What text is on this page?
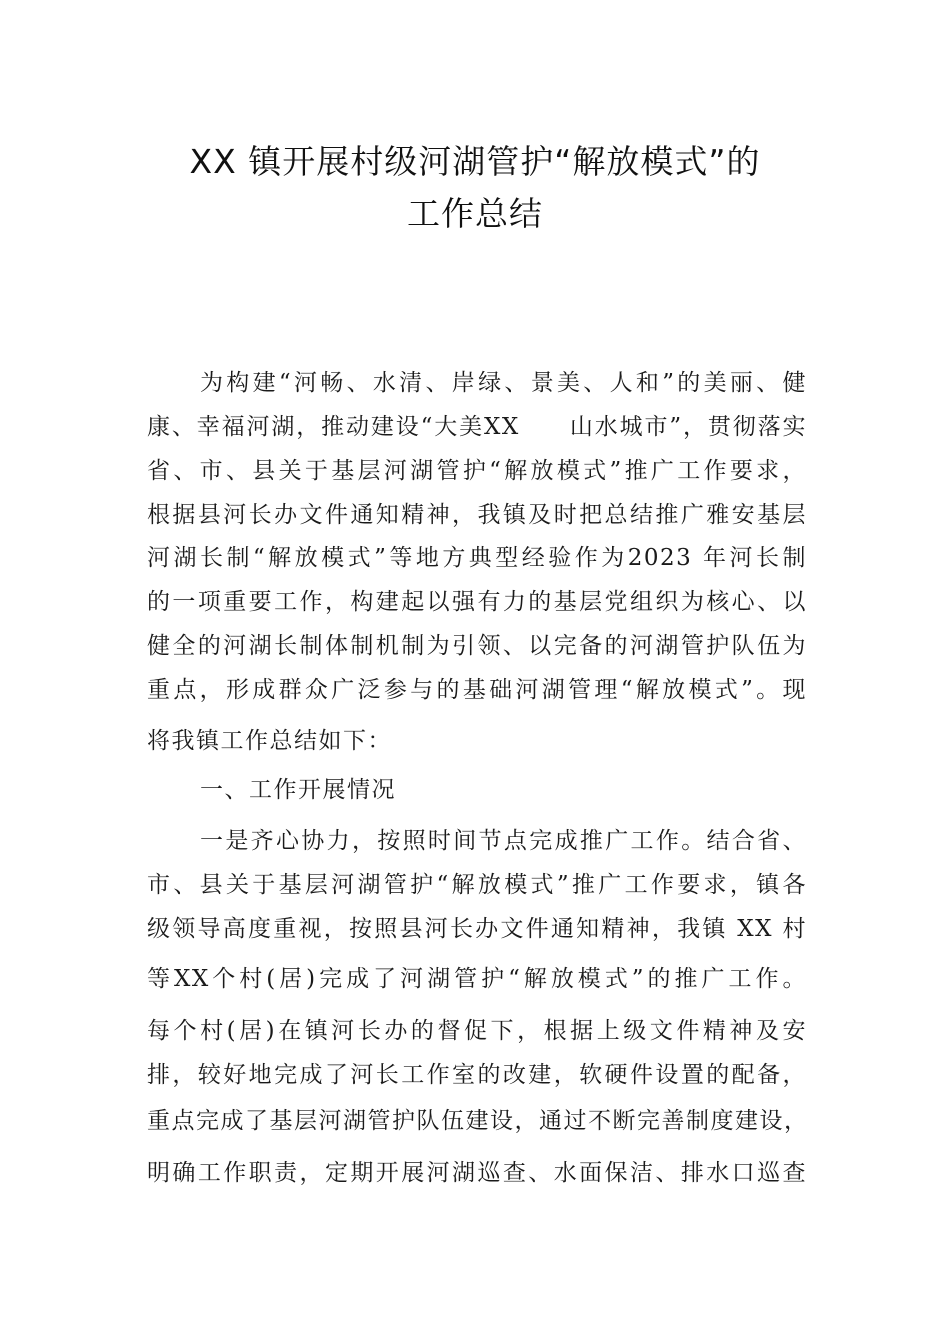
XX 镇开展村级河湖管护“解放模式”的
工作总结
为构建“河畅、水清、岸绿、景美、人和”的美丽、健
康、幸福河湖，推动建设“大美XX　　山水城市”，贯彻落实
省、市、县关于基层河湖管护“解放模式”推广工作要求，
根据县河长办文件通知精神，我镇及时把总结推广雅安基层
河湖长制“解放模式”等地方典型经验作为2023 年河长制
的一项重要工作，构建起以强有力的基层党组织为核心、以
健全的河湖长制体制机制为引领、以完备的河湖管护队伍为
重点，形成群众广泛参与的基础河湖管理“解放模式”。现
将我镇工作总结如下：
一、工作开展情况
一是齐心协力，按照时间节点完成推广工作。结合省、
市、县关于基层河湖管护“解放模式”推广工作要求，镇各
级领导高度重视，按照县河长办文件通知精神，我镇 XX 村
等XX个村(居)完成了河湖管护“解放模式”的推广工作。
每个村(居)在镇河长办的督促下，根据上级文件精神及安
排，较好地完成了河长工作室的改建，软硬件设置的配备，
重点完成了基层河湖管护队伍建设，通过不断完善制度建设，
明确工作职责，定期开展河湖巡查、水面保洁、排水口巡查
